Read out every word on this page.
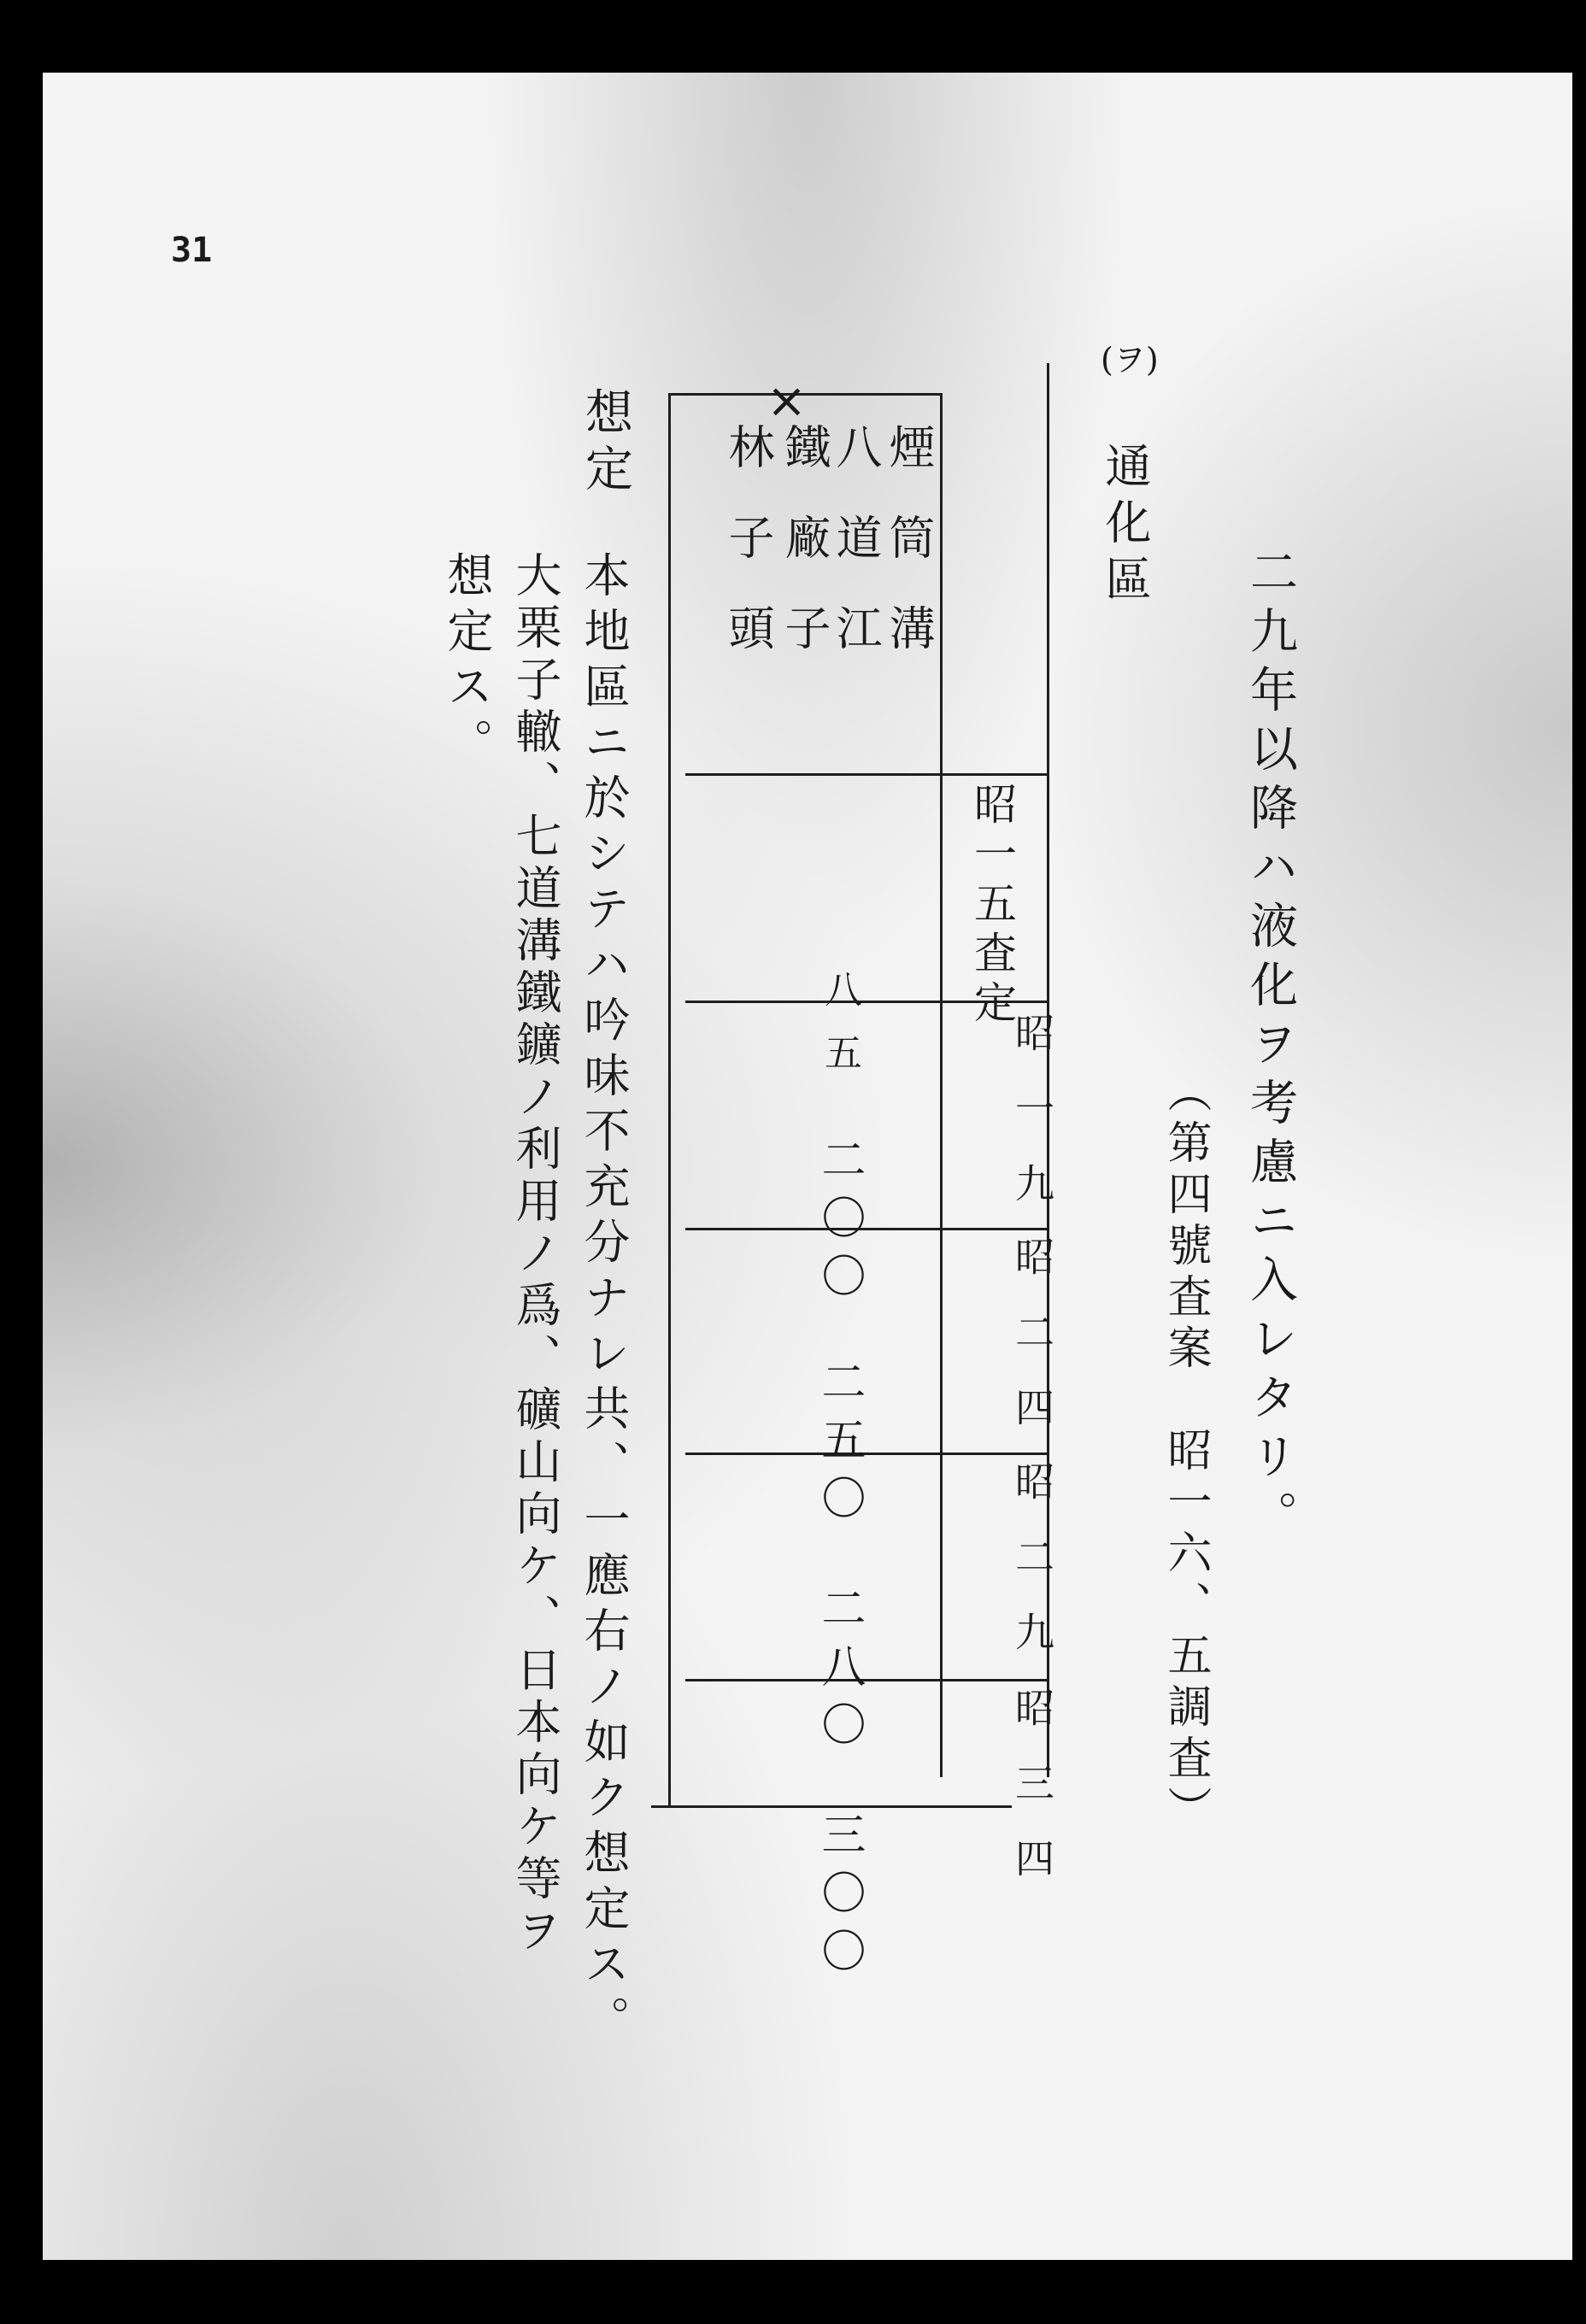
31
(ヲ)
通化區
二九年以降ハ液化ヲ考慮ニ入レタリ。
（第四號査案　昭一六、五調査）
×
煙筒溝
八道江
鐵廠子
林子頭
昭一五査定
昭一九
昭二四
昭二九
昭三四
八五
二〇〇
二五〇
二八〇
三〇〇
想定
本地區ニ於シテハ吟味不充分ナレ共、一應右ノ如ク想定ス。
大栗子轍、七道溝鐵鑛ノ利用ノ爲、礦山向ケ、日本向ケ等ヲ
想定ス。
